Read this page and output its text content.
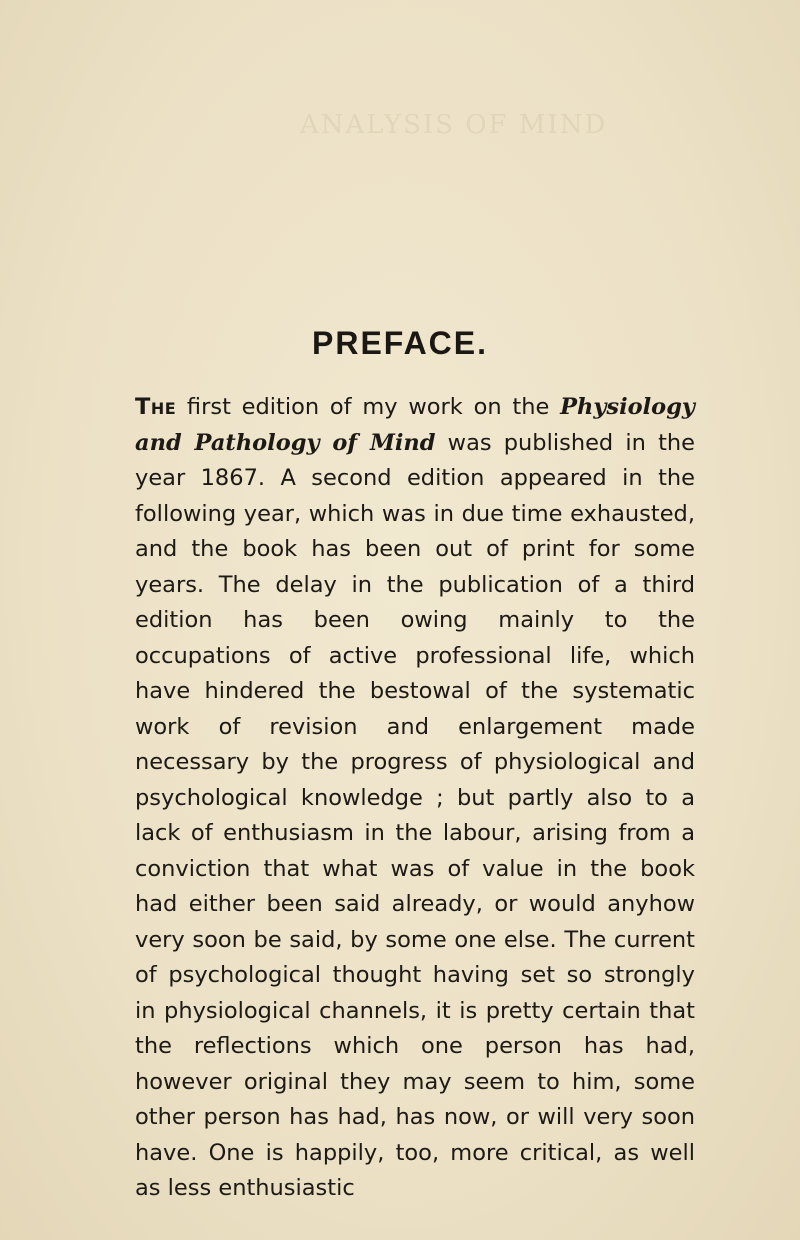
ANALYSIS OF MIND
PREFACE.

The first edition of my work on the Physiology and Pathology of Mind was published in the year 1867. A second edition appeared in the following year, which was in due time exhausted, and the book has been out of print for some years. The delay in the publication of a third edition has been owing mainly to the occupations of active professional life, which have hindered the bestowal of the systematic work of revision and enlargement made necessary by the progress of physiological and psychological knowledge ; but partly also to a lack of enthusiasm in the labour, arising from a conviction that what was of value in the book had either been said already, or would anyhow very soon be said, by some one else. The current of psychological thought having set so strongly in physiological channels, it is pretty certain that the reflections which one person has had, however original they may seem to him, some other person has had, has now, or will very soon have. One is happily, too, more critical, as well as less enthusiastic
